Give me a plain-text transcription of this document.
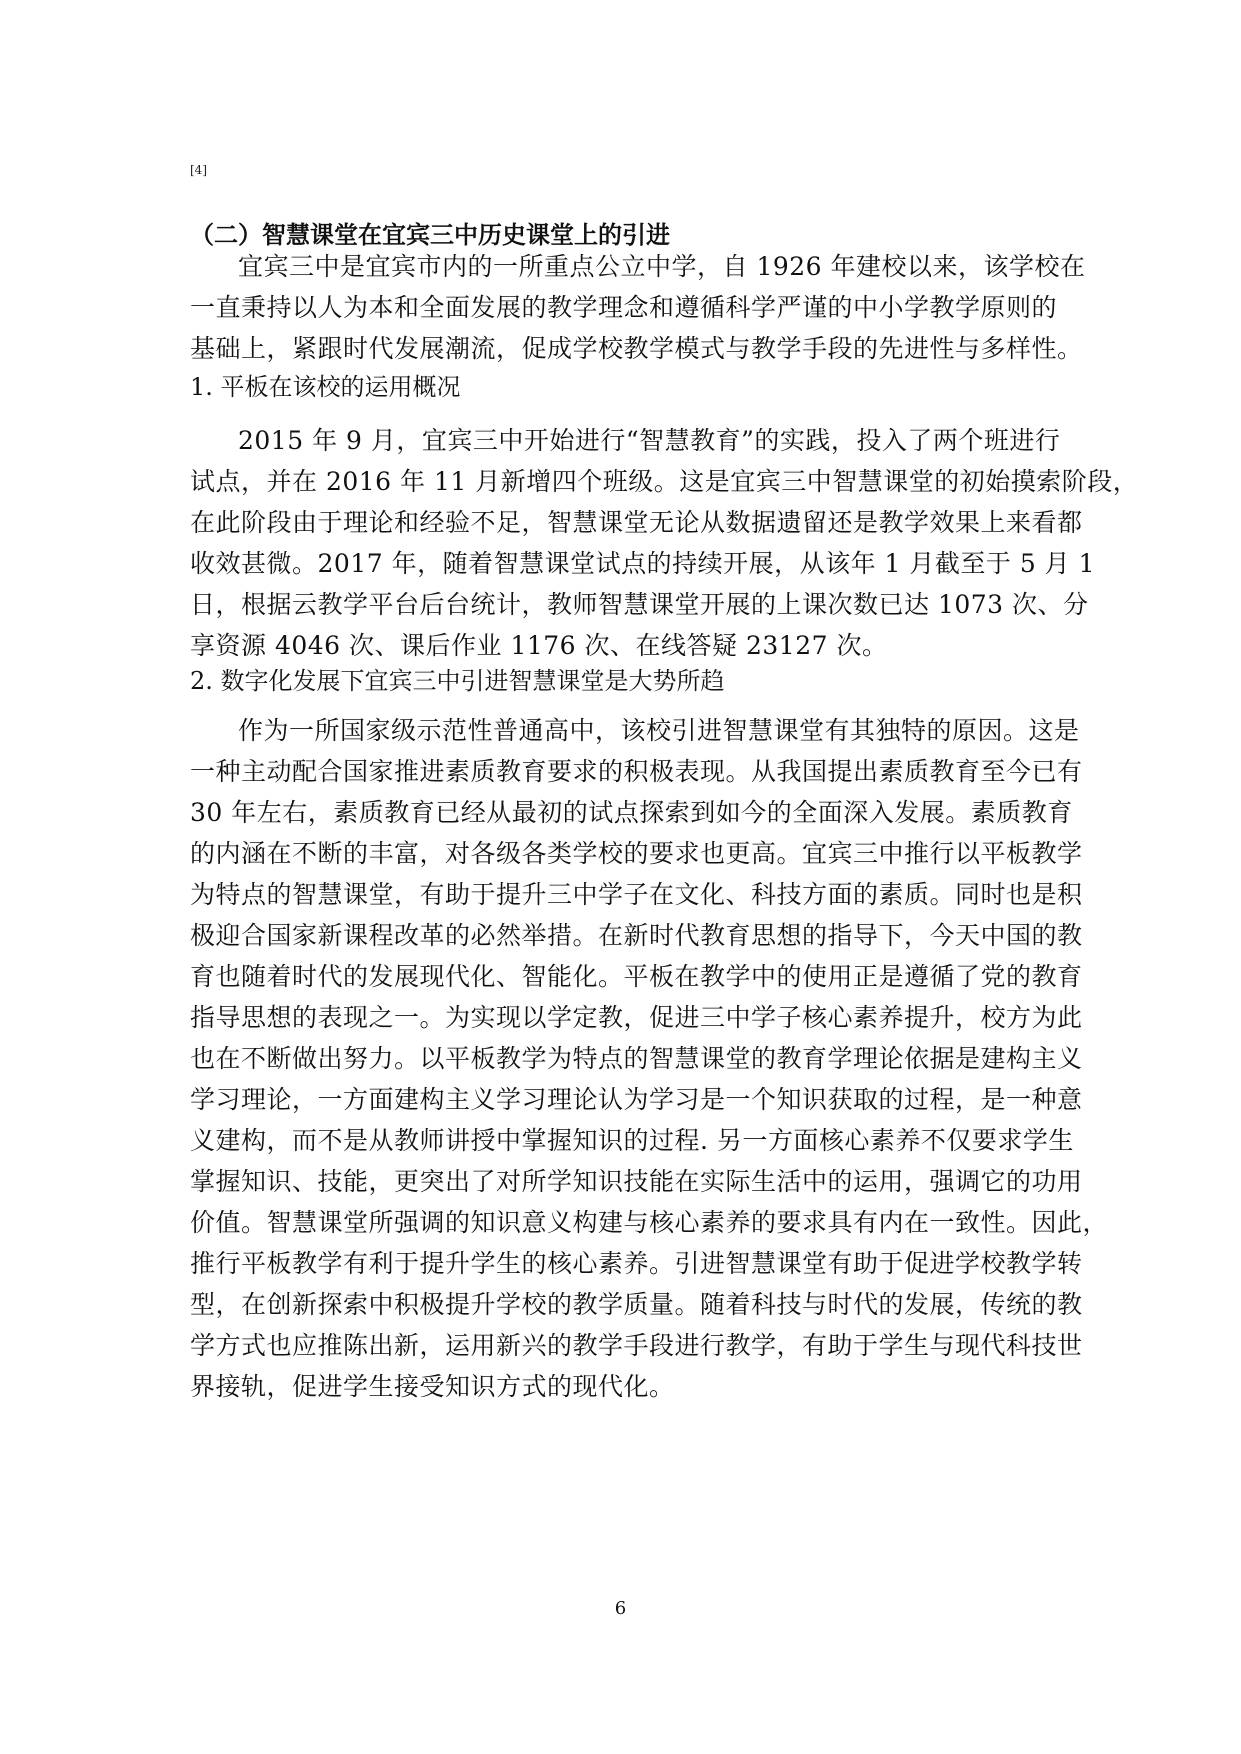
[4]
（二）智慧课堂在宜宾三中历史课堂上的引进
宜宾三中是宜宾市内的一所重点公立中学，自 1926 年建校以来，该学校在
一直秉持以人为本和全面发展的教学理念和遵循科学严谨的中小学教学原则的
基础上，紧跟时代发展潮流，促成学校教学模式与教学手段的先进性与多样性。
1. 平板在该校的运用概况
2015 年 9 月，宜宾三中开始进行“智慧教育”的实践，投入了两个班进行
试点，并在 2016 年 11 月新增四个班级。这是宜宾三中智慧课堂的初始摸索阶段，
在此阶段由于理论和经验不足，智慧课堂无论从数据遗留还是教学效果上来看都
收效甚微。2017 年，随着智慧课堂试点的持续开展，从该年 1 月截至于 5 月 1
日，根据云教学平台后台统计，教师智慧课堂开展的上课次数已达 1073 次、分
享资源 4046 次、课后作业 1176 次、在线答疑 23127 次。
2. 数字化发展下宜宾三中引进智慧课堂是大势所趋
作为一所国家级示范性普通高中，该校引进智慧课堂有其独特的原因。这是
一种主动配合国家推进素质教育要求的积极表现。从我国提出素质教育至今已有
30 年左右，素质教育已经从最初的试点探索到如今的全面深入发展。素质教育
的内涵在不断的丰富，对各级各类学校的要求也更高。宜宾三中推行以平板教学
为特点的智慧课堂，有助于提升三中学子在文化、科技方面的素质。同时也是积
极迎合国家新课程改革的必然举措。在新时代教育思想的指导下，今天中国的教
育也随着时代的发展现代化、智能化。平板在教学中的使用正是遵循了党的教育
指导思想的表现之一。为实现以学定教，促进三中学子核心素养提升，校方为此
也在不断做出努力。以平板教学为特点的智慧课堂的教育学理论依据是建构主义
学习理论，一方面建构主义学习理论认为学习是一个知识获取的过程，是一种意
义建构，而不是从教师讲授中掌握知识的过程. 另一方面核心素养不仅要求学生
掌握知识、技能，更突出了对所学知识技能在实际生活中的运用，强调它的功用
价值。智慧课堂所强调的知识意义构建与核心素养的要求具有内在一致性。因此，
推行平板教学有利于提升学生的核心素养。引进智慧课堂有助于促进学校教学转
型，在创新探索中积极提升学校的教学质量。随着科技与时代的发展，传统的教
学方式也应推陈出新，运用新兴的教学手段进行教学，有助于学生与现代科技世
界接轨，促进学生接受知识方式的现代化。
6
